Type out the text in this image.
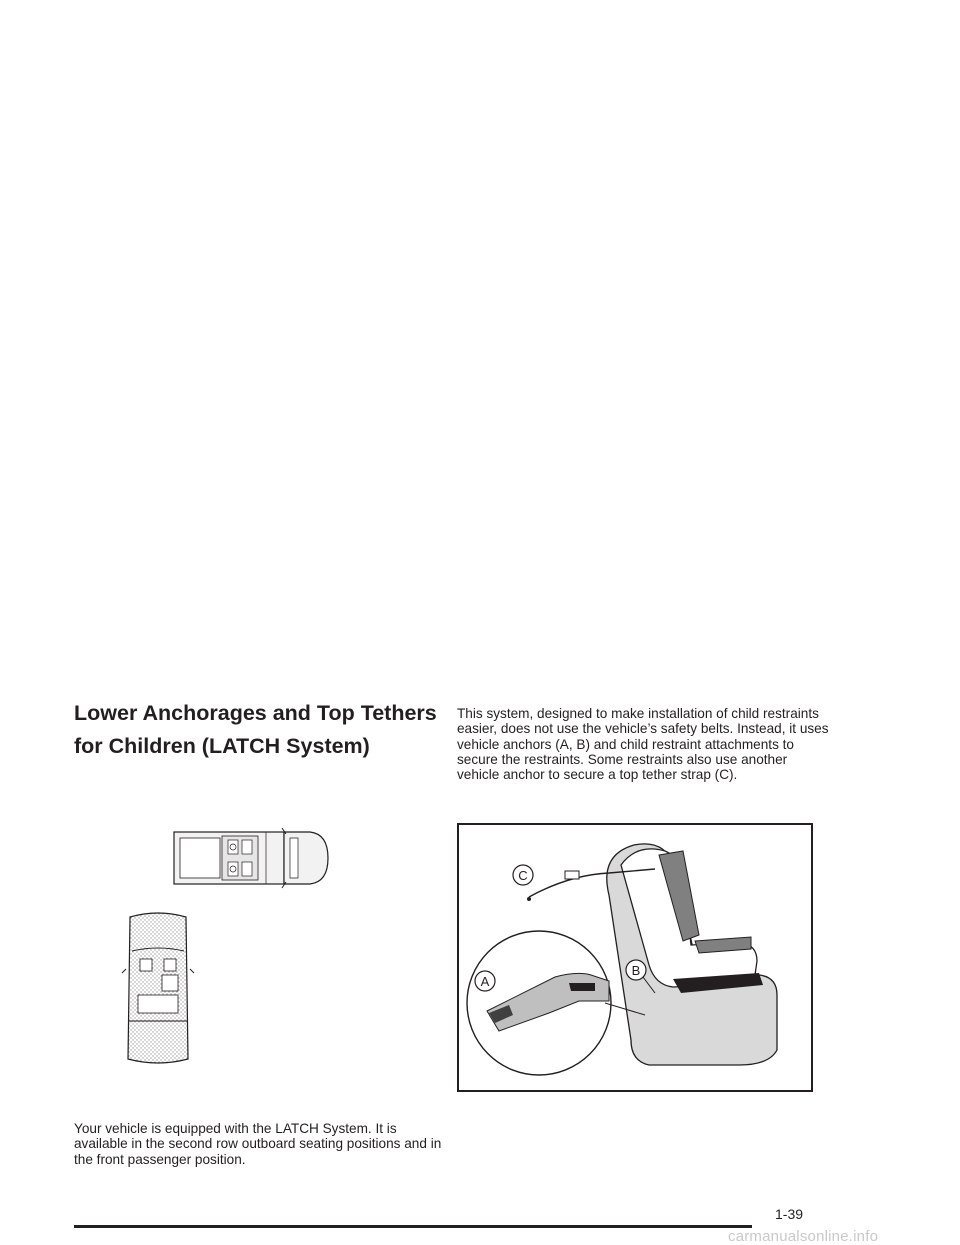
Lower Anchorages and Top Tethers
for Children (LATCH System)

Your vehicle is equipped with the LATCH System. It is available in the second row outboard seating positions and in the front passenger position.

This system, designed to make installation of child restraints easier, does not use the vehicle’s safety belts. Instead, it uses vehicle anchors (A, B) and child restraint attachments to secure the restraints. Some restraints also use another vehicle anchor to secure a top tether strap (C).

C
A
B
1-39
carmanualsonline.info
